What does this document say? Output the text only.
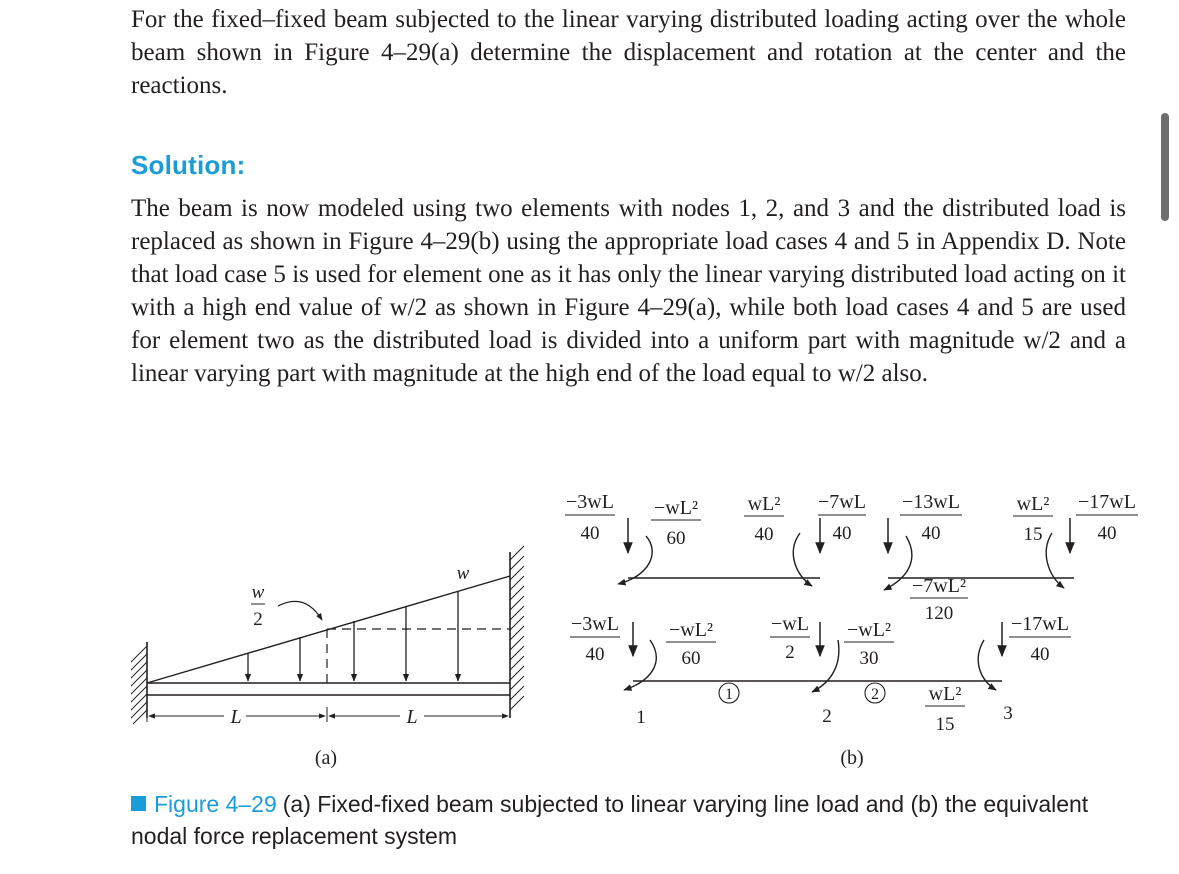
For the fixed–fixed beam subjected to the linear varying distributed loading acting over the whole beam shown in Figure 4–29(a) determine the displacement and rotation at the center and the reactions.

Solution:

The beam is now modeled using two elements with nodes 1, 2, and 3 and the distributed load is replaced as shown in Figure 4–29(b) using the appropriate load cases 4 and 5 in Appendix D. Note that load case 5 is used for element one as it has only the linear varying distributed load acting on it with a high end value of w/2 as shown in Figure 4–29(a), while both load cases 4 and 5 are used for element two as the distributed load is divided into a uniform part with magnitude w/2 and a linear varying part with magnitude at the high end of the load equal to w/2 also.

w
2
w
L	L
(a)
−3wL
40
−wL²
60
wL²
40
−7wL
40
−13wL
40
−7wL²
120
wL²
15
−17wL
40
−3wL
40
−wL²
60
−wL
2
−wL²
30
wL²
15
−17wL
40
1	2	3
1	2
(b)

Figure 4–29 (a) Fixed-fixed beam subjected to linear varying line load and (b) the equivalent nodal force replacement system
